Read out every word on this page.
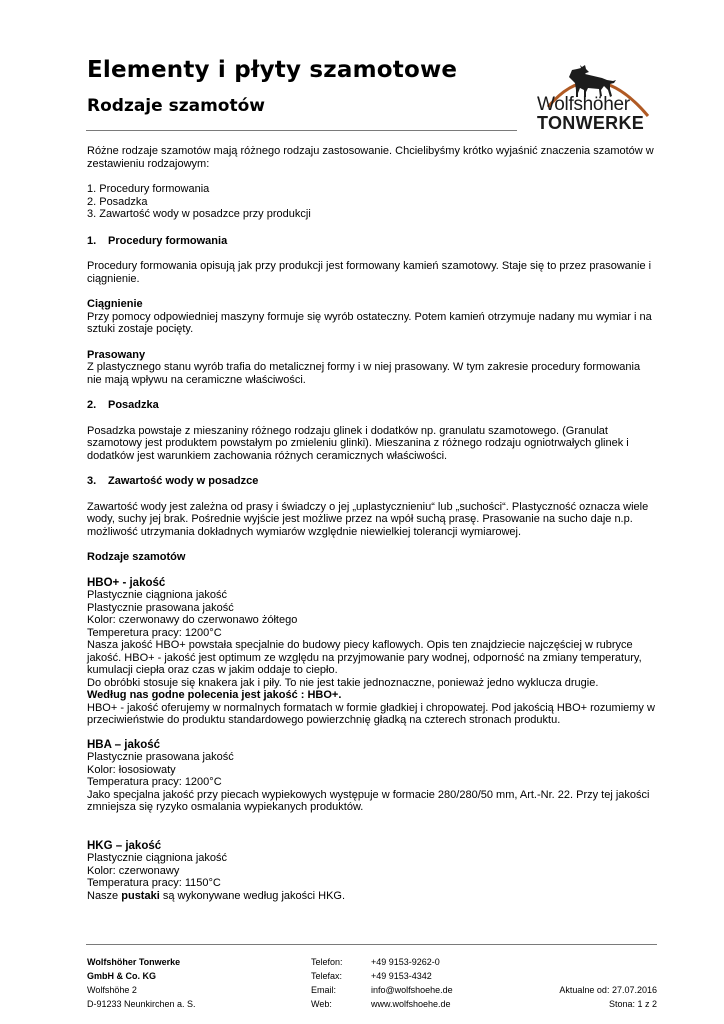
Elementy i płyty szamotowe
Rodzaje szamotów	Wolfshöher
TONWERKE

Różne rodzaje szamotów mają różnego rodzaju zastosowanie. Chcielibyśmy krótko wyjaśnić znaczenia szamotów w zestawieniu rodzajowym:

1. Procedury formowania
2. Posadzka
3. Zawartość wody w posadzce przy produkcji
1. Procedury formowania

Procedury formowania opisują jak przy produkcji jest formowany kamień szamotowy. Staje się to przez prasowanie i ciągnienie.

Ciągnienie
Przy pomocy odpowiedniej maszyny formuje się wyrób ostateczny. Potem kamień otrzymuje nadany mu wymiar i na sztuki zostaje pocięty.
Prasowany
Z plastycznego stanu wyrób trafia do metalicznej formy i w niej prasowany. W tym zakresie procedury formowania nie mają wpływu na ceramiczne właściwości.
2. Posadzka

Posadzka powstaje z mieszaniny różnego rodzaju glinek i dodatków np. granulatu szamotowego. (Granulat szamotowy jest produktem powstałym po zmieleniu glinki). Mieszanina z różnego rodzaju ogniotrwałych glinek i dodatków jest warunkiem zachowania różnych ceramicznych właściwości.

3. Zawartość wody w posadzce

Zawartość wody jest zależna od prasy i świadczy o jej „uplastycznieniu“ lub „suchości“. Plastyczność oznacza wiele wody, suchy jej brak. Pośrednie wyjście jest możliwe przez na wpół suchą prasę. Prasowanie na sucho daje n.p. możliwość utrzymania dokładnych wymiarów względnie niewielkiej tolerancji wymiarowej.

Rodzaje szamotów
HBO+ - jakość
Plastycznie ciągniona jakość
Plastycznie prasowana jakość
Kolor: czerwonawy do czerwonawo żółtego
Temperetura pracy: 1200°C
Nasza jakość HBO+ powstała specjalnie do budowy piecy kaflowych. Opis ten znajdziecie najczęściej w rubryce jakość. HBO+ - jakość jest optimum ze względu na przyjmowanie pary wodnej, odporność na zmiany temperatury, kumulacji ciepła oraz czas w jakim oddaje to ciepło.
Do obróbki stosuje się knakera jak i piły. To nie jest takie jednoznaczne, ponieważ jedno wyklucza drugie.
Według nas godne polecenia jest jakość : HBO+.
HBO+ - jakość oferujemy w normalnych formatach w formie gładkiej i chropowatej. Pod jakością HBO+ rozumiemy w przeciwieństwie do produktu standardowego powierzchnię gładką na czterech stronach produktu.
HBA – jakość
Plastycznie prasowana jakość
Kolor: łososiowaty
Temperatura pracy: 1200°C
Jako specjalna jakość przy piecach wypiekowych występuje w formacie 280/280/50 mm, Art.-Nr. 22. Przy tej jakości zmniejsza się ryzyko osmalania wypiekanych produktów.
HKG – jakość
Plastycznie ciągniona jakość
Kolor: czerwonawy
Temperatura pracy: 1150°C
Nasze pustaki są wykonywane według jakości HKG.
Wolfshöher Tonwerke
GmbH & Co. KG
Wolfshöhe 2
D-91233 Neunkirchen a. S.
Telefon:
Telefax:
Email:
Web:
+49 9153-9262-0
+49 9153-4342
info@wolfshoehe.de
www.wolfshoehe.de
Aktualne od: 27.07.2016
Stona: 1 z 2
